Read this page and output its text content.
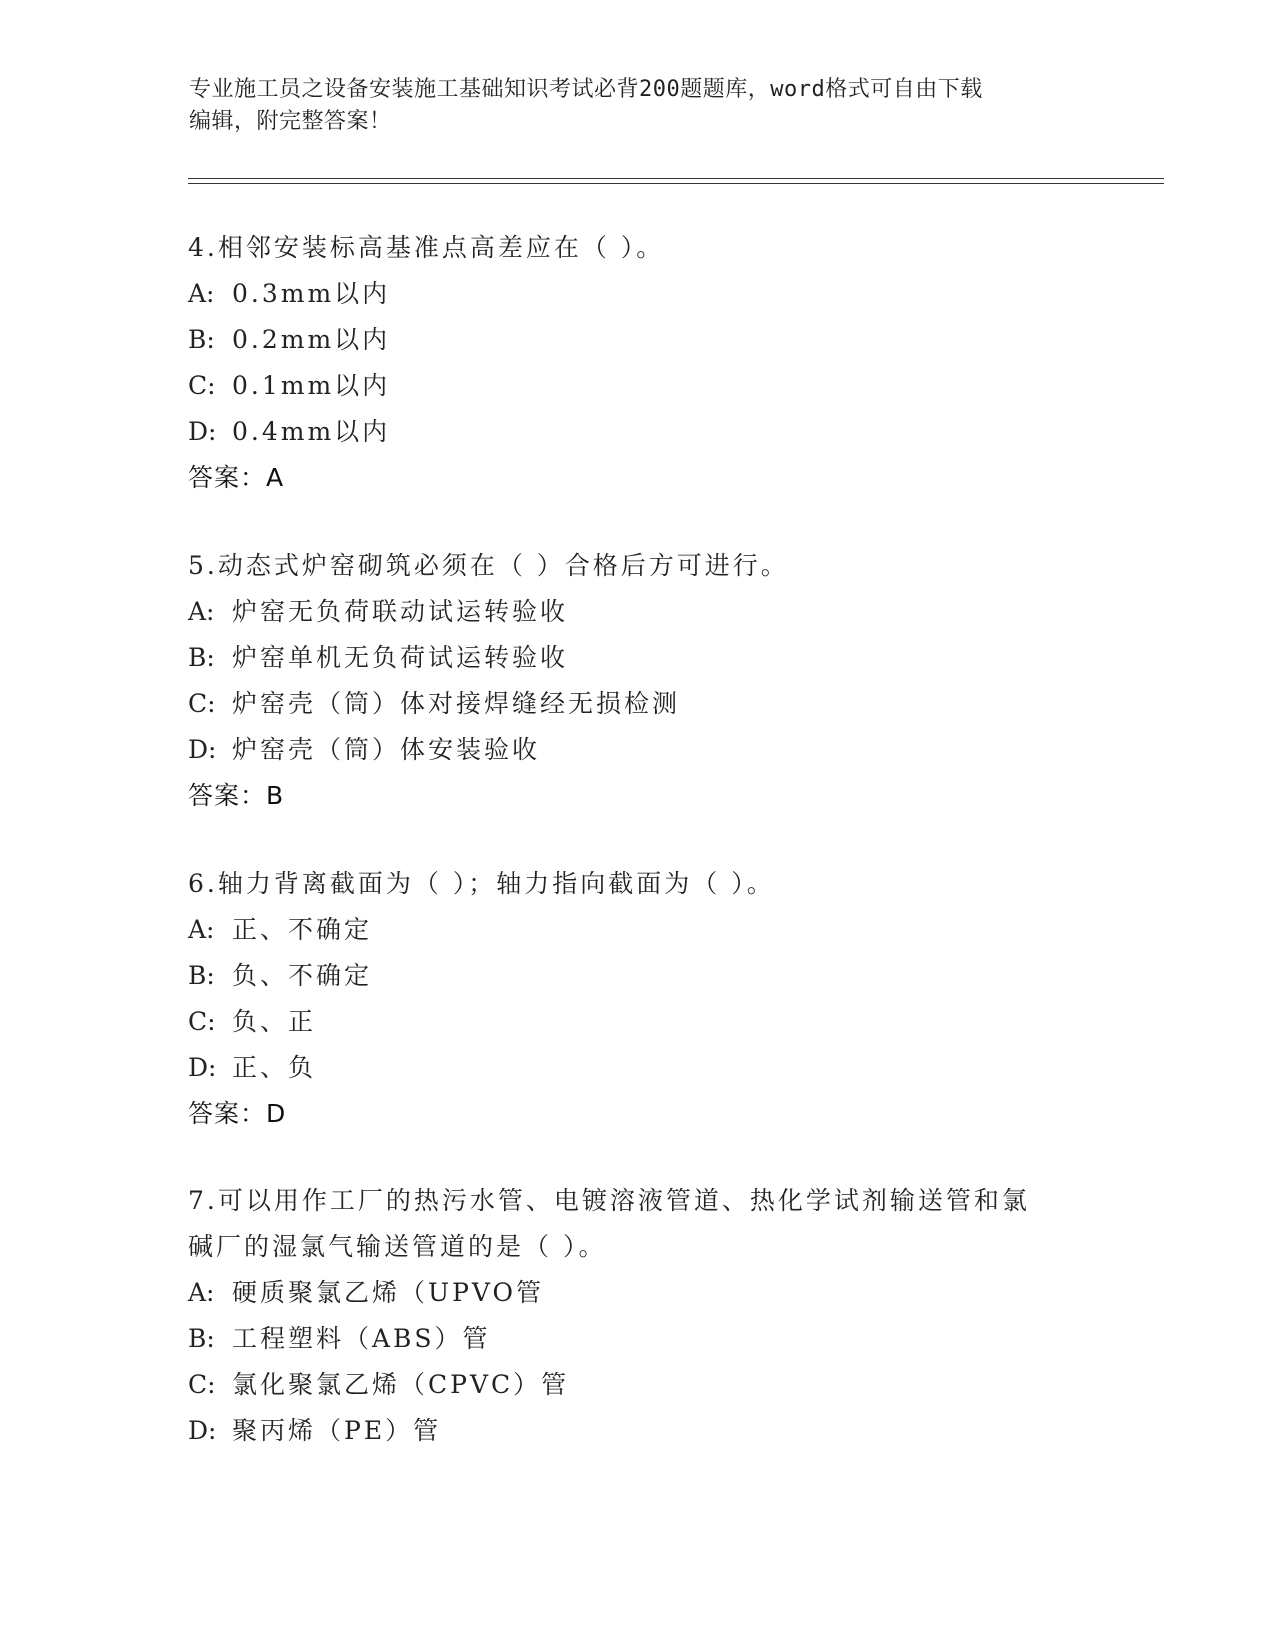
专业施工员之设备安装施工基础知识考试必背200题题库，word格式可自由下载
编辑，附完整答案！

4.相邻安装标高基准点高差应在（ ）。

A: 0.3mm以内

B: 0.2mm以内

C: 0.1mm以内

D: 0.4mm以内

答案：A

5.动态式炉窑砌筑必须在（ ）合格后方可进行。

A: 炉窑无负荷联动试运转验收

B: 炉窑单机无负荷试运转验收

C: 炉窑壳（筒）体对接焊缝经无损检测

D: 炉窑壳（筒）体安装验收

答案：B

6.轴力背离截面为（ ）；轴力指向截面为（ ）。

A: 正、不确定

B: 负、不确定

C: 负、正

D: 正、负

答案：D

7.可以用作工厂的热污水管、电镀溶液管道、热化学试剂输送管和氯

碱厂的湿氯气输送管道的是（ ）。

A: 硬质聚氯乙烯（UPVO管

B: 工程塑料（ABS）管

C: 氯化聚氯乙烯（CPVC）管

D: 聚丙烯（PE）管
